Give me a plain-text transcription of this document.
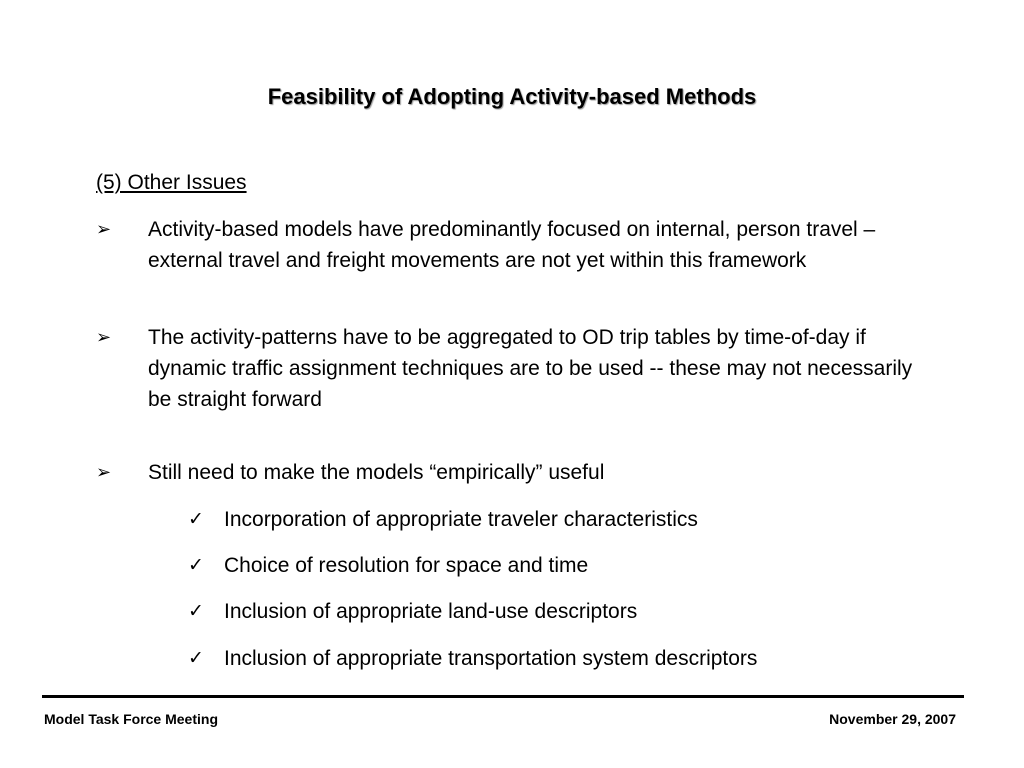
Feasibility of Adopting Activity-based Methods
(5) Other Issues
➢	Activity-based models have predominantly focused on internal, person travel – external travel and freight movements are not yet within this framework
➢	The activity-patterns have to be aggregated to OD trip tables by time-of-day if dynamic traffic assignment techniques are to be used -- these may not necessarily be straight forward
➢	Still need to make the models “empirically” useful
✓ Incorporation of appropriate traveler characteristics
✓ Choice of resolution for space and time
✓ Inclusion of appropriate land-use descriptors
✓ Inclusion of appropriate transportation system descriptors
Model Task Force Meeting	November 29, 2007
